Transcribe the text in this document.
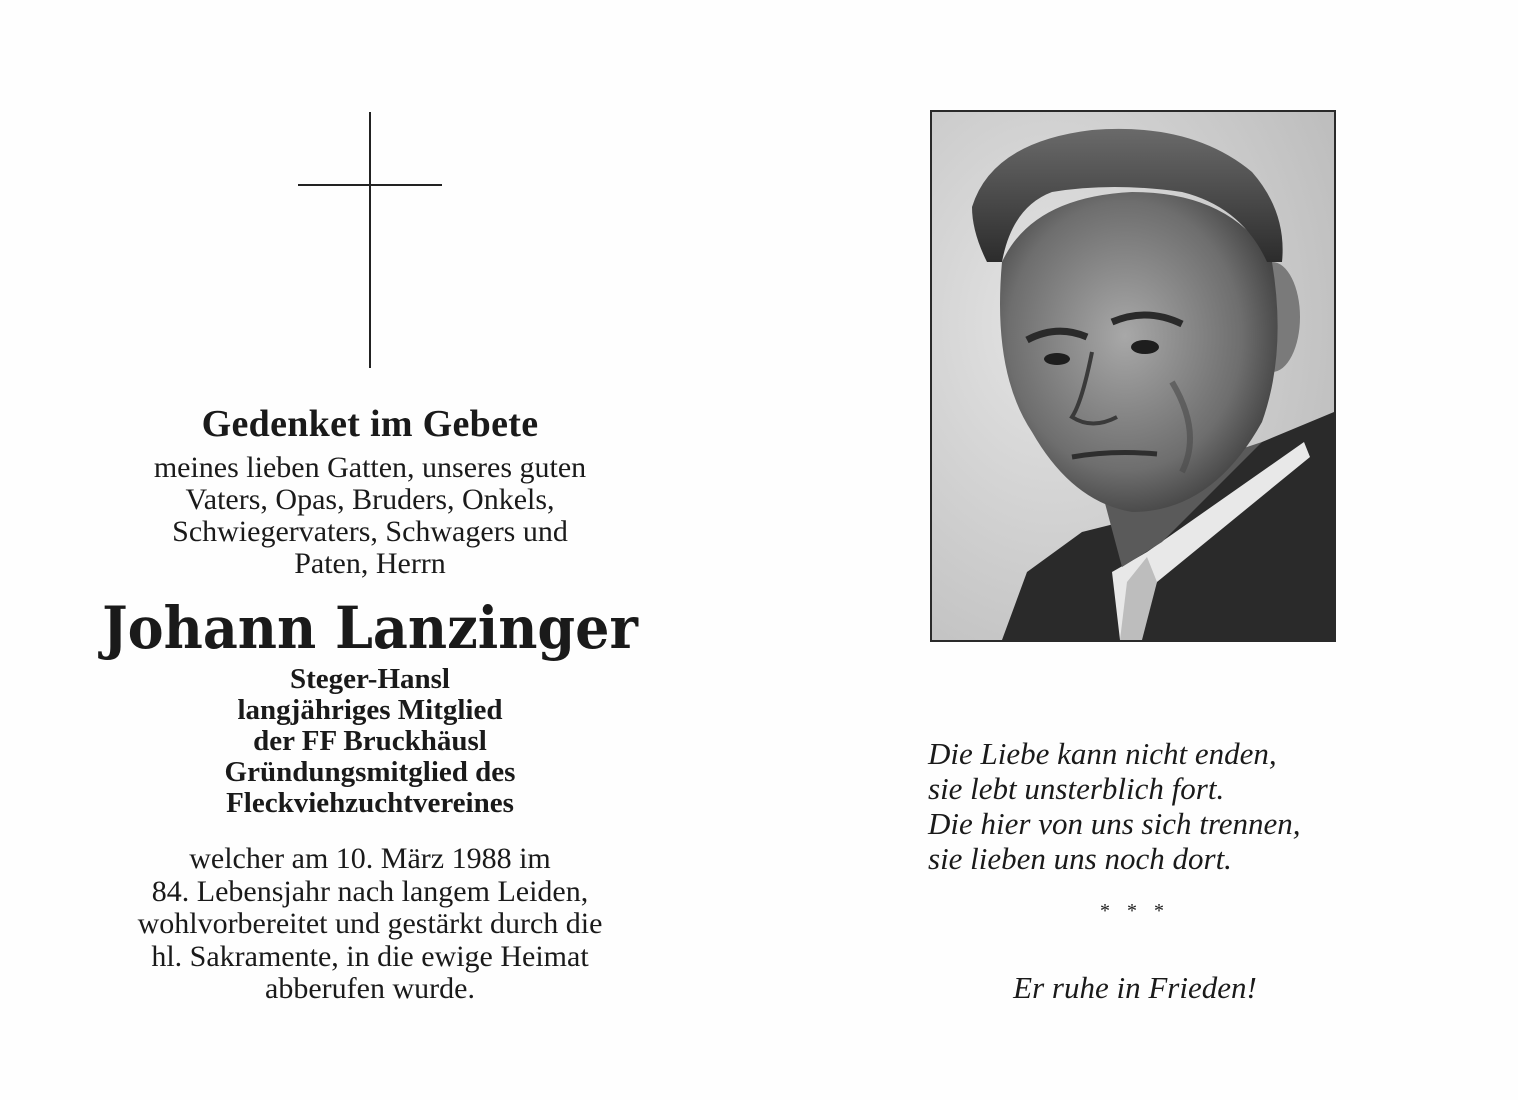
Gedenket im Gebete
meines lieben Gatten, unseres guten
Vaters, Opas, Bruders, Onkels,
Schwiegervaters, Schwagers und
Paten, Herrn
Johann Lanzinger
Steger-Hansl
langjähriges Mitglied
der FF Bruckhäusl
Gründungsmitglied des
Fleckviehzuchtvereines
welcher am 10. März 1988 im
84. Lebensjahr nach langem Leiden,
wohlvorbereitet und gestärkt durch die
hl. Sakramente, in die ewige Heimat
abberufen wurde.
Die Liebe kann nicht enden,
sie lebt unsterblich fort.
Die hier von uns sich trennen,
sie lieben uns noch dort.
* * *
Er ruhe in Frieden!
